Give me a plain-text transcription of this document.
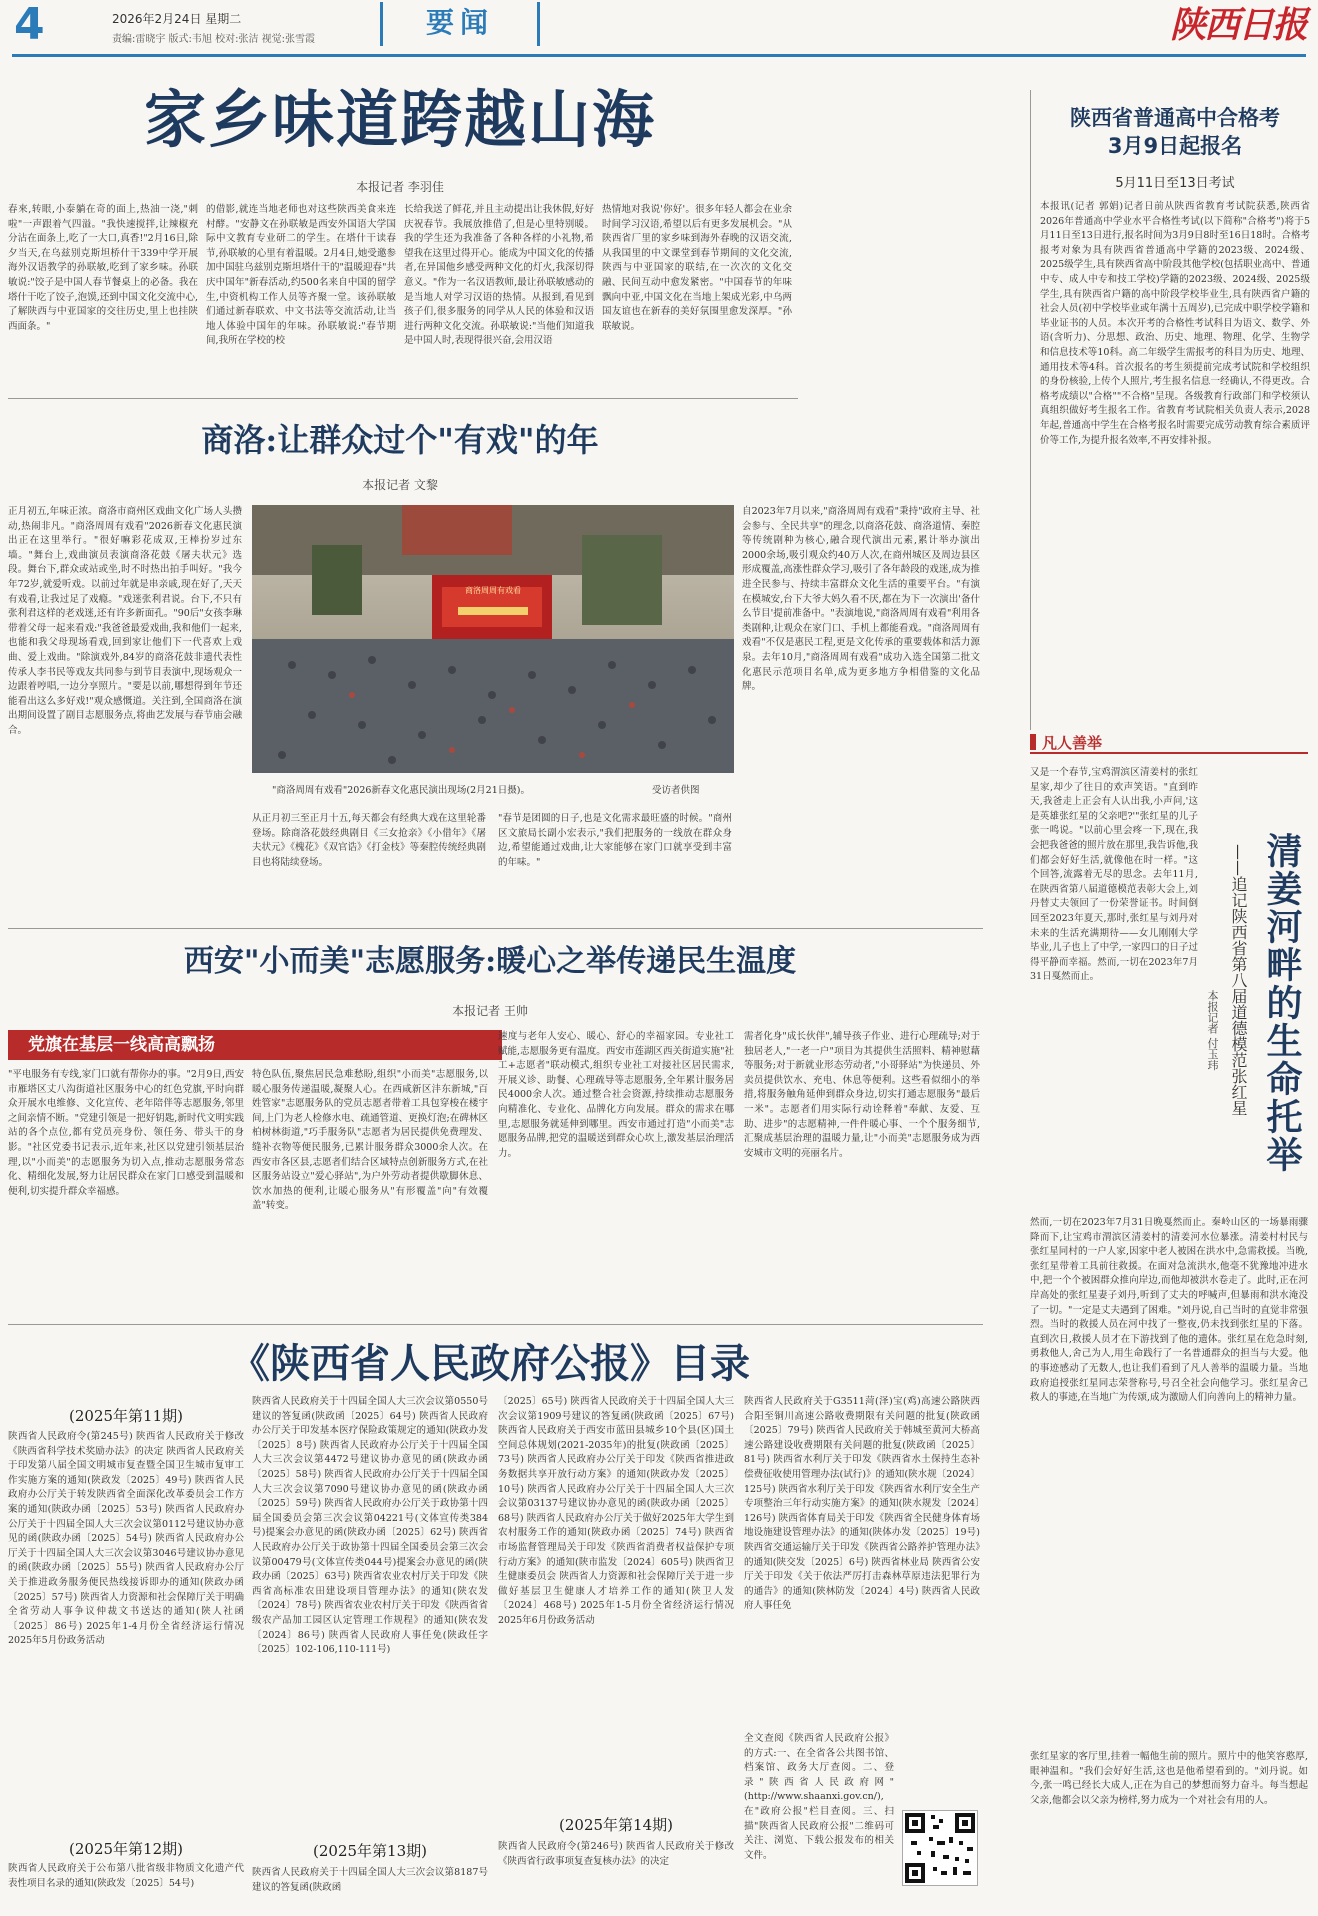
4	2026年2月24日 星期二
责编:雷晓宇 版式:韦旭 校对:张洁 视觉:张雪霞
要闻	陕西日报
家乡味道跨越山海
本报记者 李羽佳
春來,转眼,小泰躺在奇的面上,热油一浇,"刺啦"一声跟着气四溢。"我快速搅拌,让辣椒充分沾在面条上,吃了一大口,真香!"2月16日,除夕当天,在乌兹别克斯坦桥什干339中学开展海外汉语教学的孙联敏,吃到了家乡味。孙联敏说:"饺子是中国人春节餐桌上的必备。我在塔什干吃了饺子,泡馍,还到中国文化交流中心,了解陕西与中亚国家的交往历史,里上也挂陕西面条。"
的借影,就连当地老师也对这些陕西美食来连村酵。"安静文在孙联敏是西安外国语大学国际中文教育专业研二的学生。在塔什干读春节,孙联敏的心里有着温暖。2月4日,她受邀参加中国驻乌兹别克斯坦塔什干的"温暖迎春"共庆中国年"新春活动,约500名来自中国的留学生,中资机构工作人员等齐聚一堂。该孙联敏们通过新春联欢、中文书法等交流活动,让当地人体验中国年的年味。孙联敏说:"春节期间,我所在学校的校
长给我送了鲜花,并且主动提出让我休假,好好庆祝春节。我展放推借了,但是心里特别暖。我的学生还为我准备了各种各样的小礼物,希望我在这里过得开心。能成为中国文化的传播者,在异国他乡感受两种文化的灯火,我深切得意义。"作为一名汉语教师,最让孙联敏感动的是当地人对学习汉语的热情。从报到,看见到孩子们,很多服务的同学从人民的体验和汉语进行两种文化交流。孙联敏说:"当他们知道我是中国人时,表现得很兴奋,会用汉语
热情地对我说'你好'。很多年轻人都会在业余时间学习汉语,希望以后有更多发展机会。"从陕西省厂里的家乡味到海外春晚的汉语交流,从我国里的中文课堂到春节期间的文化交流,陕西与中亚国家的联结,在一次次的文化交融、民间互动中愈发紧密。"中国春节的年味飘向中亚,中国文化在当地上架成光彩,中乌两国友谊也在新春的美好氛围里愈发深厚。"孙联敏说。
商洛:让群众过个"有戏"的年
本报记者 文黎
正月初五,年味正浓。商洛市商州区戏曲文化广场人头攒动,热闹非凡。"商洛周周有戏看"2026新春文化惠民演出正在这里举行。"很好嘛彩花成双,王棒扮岁过东墙。"舞台上,戏曲演员表演商洛花鼓《屠夫状元》选段。舞台下,群众或站或坐,时不时热出拍手叫好。"我今年72岁,就爱听戏。以前过年就是串亲戚,现在好了,天天有戏看,让我过足了戏瘾。"戏迷张利君说。台下,不只有张利君这样的老戏迷,还有许多新面孔。"90后"女孩李琳带着父母一起来看戏:"我爸爸最爱戏曲,我和他们一起来,也能和我父母现场看戏,回到家让他们下一代喜欢上戏曲、爱上戏曲。"除演戏外,84岁的商洛花鼓非遗代表性传承人李书民等戏友共同参与到节目表演中,现场观众一边跟着哼唱,一边分享照片。"要是以前,哪想得到年节还能看出这么多好戏!"观众感慨道。关注到,全国商洛在演出期间设置了剧目志愿服务点,将曲艺发展与春节庙会融合。
商洛周周有戏看
"商洛周周有戏看"2026新春文化惠民演出现场(2月21日摄)。	受访者供图
从正月初三至正月十五,每天都会有经典大戏在这里轮番登场。除商洛花鼓经典剧目《三女抢亲》《小借年》《屠夫状元》《槐花》《双官诰》《打金枝》等秦腔传统经典剧目也将陆续登场。
"春节是团圆的日子,也是文化需求最旺盛的时候。"商州区文旅局长副小宏表示,"我们把服务的一线放在群众身边,希望能通过戏曲,让大家能够在家门口就享受到丰富的年味。"
自2023年7月以来,"商洛周周有戏看"秉持"政府主导、社会参与、全民共享"的理念,以商洛花鼓、商洛道情、秦腔等传统剧种为核心,融合现代演出元素,累计举办演出2000余场,吸引观众约40万人次,在商州城区及周边县区形成覆盖,高涨性群众学习,吸引了各年龄段的戏迷,成为推进全民参与、持续丰富群众文化生活的重要平台。"有演在模城安,台下大爷大妈久看不厌,都在为下一次演出'备什么节目'提前准备中。"表演地说,"商洛周周有戏看"利用各类剧种,让观众在家门口、手机上都能看戏。"商洛周周有戏看"不仅是惠民工程,更是文化传承的重要载体和活力源泉。去年10月,"商洛周周有戏看"成功入选全国第二批文化惠民示范项目名单,成为更多地方争相借鉴的文化品牌。
西安"小而美"志愿服务:暖心之举传递民生温度
本报记者 王帅
党旗在基层一线高高飘扬
"平电服务有专线,家门口就有帮你办的事。"2月9日,西安市雁塔区丈八沟街道社区服务中心的红色党旗,平时向群众开展水电维修、文化宣传、老年陪伴等志愿服务,邻里之间亲情不断。"党建引领是一把好钥匙,新时代文明实践站的各个点位,都有党员亮身份、领任务、带头干的身影。"社区党委书记表示,近年来,社区以党建引领基层治理,以"小而美"的志愿服务为切入点,推动志愿服务常态化、精细化发展,努力让居民群众在家门口感受到温暖和便利,切实提升群众幸福感。
特色队伍,聚焦居民急难愁盼,组织"小而美"志愿服务,以暖心服务传递温暖,凝聚人心。在西咸新区沣东新城,"百姓管家"志愿服务队的党员志愿者带着工具包穿梭在楼宇间,上门为老人检修水电、疏通管道、更换灯泡;在碑林区柏树林街道,"巧手服务队"志愿者为居民提供免费理发、缝补衣物等便民服务,已累计服务群众3000余人次。在西安市各区县,志愿者们结合区域特点创新服务方式,在社区服务站设立"爱心驿站",为户外劳动者提供歇脚休息、饮水加热的便利,让暖心服务从"有形覆盖"向"有效覆盖"转变。
速度与老年人安心、暖心、舒心的幸福家园。专业社工赋能,志愿服务更有温度。西安市莲湖区西关街道实施"社工+志愿者"联动模式,组织专业社工对接社区居民需求,开展义诊、助餐、心理疏导等志愿服务,全年累计服务居民4000余人次。通过整合社会资源,持续推动志愿服务向精准化、专业化、品牌化方向发展。群众的需求在哪里,志愿服务就延伸到哪里。西安市通过打造"小而美"志愿服务品牌,把党的温暖送到群众心坎上,激发基层治理活力。
需者化身"成长伙伴",辅导孩子作业、进行心理疏导;对于独居老人,"一老一户"项目为其提供生活照料、精神慰藉等服务;对于新就业形态劳动者,"小哥驿站"为快递员、外卖员提供饮水、充电、休息等便利。这些看似细小的举措,将服务触角延伸到群众身边,切实打通志愿服务"最后一米"。志愿者们用实际行动诠释着"奉献、友爱、互助、进步"的志愿精神,一件件暖心事、一个个服务细节,汇聚成基层治理的温暖力量,让"小而美"志愿服务成为西安城市文明的亮丽名片。
《陕西省人民政府公报》目录
(2025年第11期)
陕西省人民政府令(第245号) 陕西省人民政府关于修改《陕西省科学技术奖励办法》的决定 陕西省人民政府关于印发第八届全国文明城市复查暨全国卫生城市复审工作实施方案的通知(陕政发〔2025〕49号) 陕西省人民政府办公厅关于转发陕西省全面深化改革委员会工作方案的通知(陕政办函〔2025〕53号) 陕西省人民政府办公厅关于十四届全国人大三次会议第0112号建议协办意见的函(陕政办函〔2025〕54号) 陕西省人民政府办公厅关于十四届全国人大三次会议第3046号建议协办意见的函(陕政办函〔2025〕55号) 陕西省人民政府办公厅关于推进政务服务便民热线接诉即办的通知(陕政办函〔2025〕57号) 陕西省人力资源和社会保障厅关于明确全省劳动人事争议仲裁文书送达的通知(陕人社函〔2025〕86号) 2025年1-4月份全省经济运行情况 2025年5月份政务活动
(2025年第12期)
陕西省人民政府关于公布第八批省级非物质文化遗产代表性项目名录的通知(陕政发〔2025〕54号)
陕西省人民政府关于十四届全国人大三次会议第0550号建议的答复函(陕政函〔2025〕64号) 陕西省人民政府办公厅关于印发基本医疗保险政策规定的通知(陕政办发〔2025〕8号) 陕西省人民政府办公厅关于十四届全国人大三次会议第4472号建议协办意见的函(陕政办函〔2025〕58号) 陕西省人民政府办公厅关于十四届全国人大三次会议第7090号建议协办意见的函(陕政办函〔2025〕59号) 陕西省人民政府办公厅关于政协第十四届全国委员会第三次会议第04221号(文体宣传类384号)提案会办意见的函(陕政办函〔2025〕62号) 陕西省人民政府办公厅关于政协第十四届全国委员会第三次会议第00479号(文体宣传类044号)提案会办意见的函(陕政办函〔2025〕63号) 陕西省农业农村厅关于印发《陕西省高标准农田建设项目管理办法》的通知(陕农发〔2024〕78号) 陕西省农业农村厅关于印发《陕西省省级农产品加工园区认定管理工作规程》的通知(陕农发〔2024〕86号) 陕西省人民政府人事任免(陕政任字〔2025〕102-106,110-111号)
(2025年第13期)
陕西省人民政府关于十四届全国人大三次会议第8187号建议的答复函(陕政函
〔2025〕65号) 陕西省人民政府关于十四届全国人大三次会议第1909号建议的答复函(陕政函〔2025〕67号) 陕西省人民政府关于西安市蓝田县城乡10个县(区)国土空间总体规划(2021-2035年)的批复(陕政函〔2025〕73号) 陕西省人民政府办公厅关于印发《陕西省推进政务数据共享开放行动方案》的通知(陕政办发〔2025〕10号) 陕西省人民政府办公厅关于十四届全国人大三次会议第03137号建议协办意见的函(陕政办函〔2025〕68号) 陕西省人民政府办公厅关于做好2025年大学生到农村服务工作的通知(陕政办函〔2025〕74号) 陕西省市场监督管理局关于印发《陕西省消费者权益保护专项行动方案》的通知(陕市监发〔2024〕605号) 陕西省卫生健康委员会 陕西省人力资源和社会保障厅关于进一步做好基层卫生健康人才培养工作的通知(陕卫人发〔2024〕468号) 2025年1-5月份全省经济运行情况 2025年6月份政务活动
(2025年第14期)
陕西省人民政府令(第246号) 陕西省人民政府关于修改《陕西省行政事项复查复核办法》的决定
陕西省人民政府关于G3511菏(泽)宝(鸡)高速公路陕西合阳至铜川高速公路收费期限有关问题的批复(陕政函〔2025〕79号) 陕西省人民政府关于韩城至黄河大桥高速公路建设收费期限有关问题的批复(陕政函〔2025〕81号) 陕西省水利厅关于印发《陕西省水土保持生态补偿费征收使用管理办法(试行)》的通知(陕水规〔2024〕125号) 陕西省水利厅关于印发《陕西省水利厅安全生产专项整治三年行动实施方案》的通知(陕水规发〔2024〕126号) 陕西省体育局关于印发《陕西省全民健身体育场地设施建设管理办法》的通知(陕体办发〔2025〕19号) 陕西省交通运输厅关于印发《陕西省公路养护管理办法》的通知(陕交发〔2025〕6号) 陕西省林业局 陕西省公安厅关于印发《关于依法严厉打击森林草原违法犯罪行为的通告》的通知(陕林防发〔2024〕4号) 陕西省人民政府人事任免
全文查阅《陕西省人民政府公报》的方式:一、在全省各公共图书馆、档案馆、政务大厅查阅。二、登录"陕西省人民政府网"(http://www.shaanxi.gov.cn/),在"政府公报"栏目查阅。三、扫描"陕西省人民政府公报"二维码可关注、浏览、下载公报发布的相关文件。
陕西省普通高中合格考
3月9日起报名
5月11日至13日考试
本报讯(记者 郭娟)记者日前从陕西省教育考试院获悉,陕西省2026年普通高中学业水平合格性考试(以下简称"合格考")将于5月11日至13日进行,报名时间为3月9日8时至16日18时。合格考报考对象为具有陕西省普通高中学籍的2023级、2024级、2025级学生,具有陕西省高中阶段其他学校(包括职业高中、普通中专、成人中专和技工学校)学籍的2023级、2024级、2025级学生,具有陕西省户籍的高中阶段学校毕业生,具有陕西省户籍的社会人员(初中学校毕业或年满十五周岁),已完成中职学校学籍和毕业证书的人员。本次开考的合格性考试科目为语文、数学、外语(含听力)、分思想、政治、历史、地理、物理、化学、生物学和信息技术等10科。高二年级学生需报考的科目为历史、地理、通用技术等4科。首次报名的考生须提前完成考试院和学校组织的身份核验,上传个人照片,考生报名信息一经确认,不得更改。合格考成绩以"合格""不合格"呈现。各级教育行政部门和学校须认真组织做好考生报名工作。省教育考试院相关负责人表示,2028年起,普通高中学生在合格考报名时需要完成劳动教育综合素质评价等工作,为提升报名效率,不再安排补报。
凡人善举
又是一个春节,宝鸡渭滨区清姜村的张红星家,却少了往日的欢声笑语。"直到昨天,我爸走上正会有人认出我,小声问,'这是英雄张红星的父亲吧?'"张红星的儿子张一鸣说。"以前心里会疼一下,现在,我会把我爸爸的照片放在那里,我告诉他,我们都会好好生活,就像他在时一样。"这个回答,流露着无尽的思念。去年11月,在陕西省第八届道德模范表彰大会上,刘丹替丈夫领回了一份荣誉证书。时间倒回至2023年夏天,那时,张红星与刘丹对未来的生活充满期待——女儿刚刚大学毕业,儿子也上了中学,一家四口的日子过得平静而幸福。然而,一切在2023年7月31日戛然而止。	清姜河畔的生命托举
——追记陕西省第八届道德模范张红星
本报记者 付玉玮
然而,一切在2023年7月31日晚戛然而止。秦岭山区的一场暴雨骤降而下,让宝鸡市渭滨区清姜村的清姜河水位暴涨。清姜村村民与张红星同村的一户人家,因家中老人被困在洪水中,急需救援。当晚,张红星带着工具前往救援。在面对急流洪水,他毫不犹豫地冲进水中,把一个个被困群众推向岸边,而他却被洪水卷走了。此时,正在河岸高处的张红星妻子刘丹,听到了丈夫的呼喊声,但暴雨和洪水淹没了一切。"一定是丈夫遇到了困难。"刘丹说,自己当时的直觉非常强烈。当时的救援人员在河中找了一整夜,仍未找到张红星的下落。直到次日,救援人员才在下游找到了他的遗体。张红星在危急时刻,勇救他人,舍己为人,用生命践行了一名普通群众的担当与大爱。他的事迹感动了无数人,也让我们看到了凡人善举的温暖力量。当地政府追授张红星同志荣誉称号,号召全社会向他学习。张红星舍己救人的事迹,在当地广为传颂,成为激励人们向善向上的精神力量。
张红星家的客厅里,挂着一幅他生前的照片。照片中的他笑容憨厚,眼神温和。"我们会好好生活,这也是他希望看到的。"刘丹说。如今,张一鸣已经长大成人,正在为自己的梦想而努力奋斗。每当想起父亲,他都会以父亲为榜样,努力成为一个对社会有用的人。
